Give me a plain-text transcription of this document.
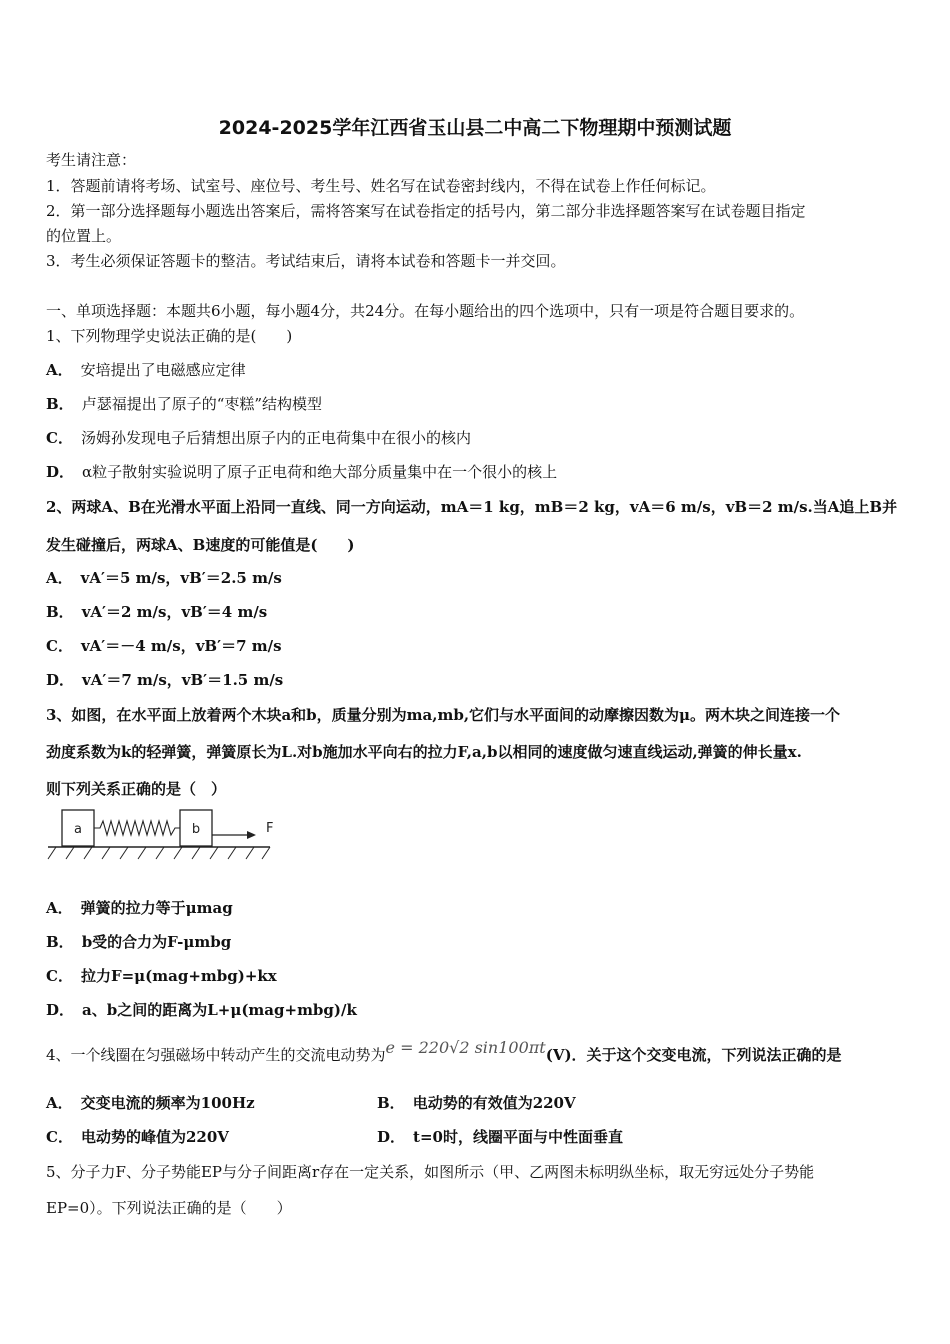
2024-2025学年江西省玉山县二中高二下物理期中预测试题
考生请注意：
1．答题前请将考场、试室号、座位号、考生号、姓名写在试卷密封线内，不得在试卷上作任何标记。
2．第一部分选择题每小题选出答案后，需将答案写在试卷指定的括号内，第二部分非选择题答案写在试卷题目指定
的位置上。
3．考生必须保证答题卡的整洁。考试结束后，请将本试卷和答题卡一并交回。
一、单项选择题：本题共6小题，每小题4分，共24分。在每小题给出的四个选项中，只有一项是符合题目要求的。
1、下列物理学史说法正确的是(　　)
A． 安培提出了电磁感应定律
B． 卢瑟福提出了原子的“枣糕”结构模型
C． 汤姆孙发现电子后猜想出原子内的正电荷集中在很小的核内
D． α粒子散射实验说明了原子正电荷和绝大部分质量集中在一个很小的核上
2、两球A、B在光滑水平面上沿同一直线、同一方向运动，mA＝1 kg，mB＝2 kg，vA＝6 m/s，vB＝2 m/s.当A追上B并
发生碰撞后，两球A、B速度的可能值是(　　)
A． vA′＝5 m/s，vB′＝2.5 m/s
B． vA′＝2 m/s，vB′＝4 m/s
C． vA′＝－4 m/s，vB′＝7 m/s
D． vA′＝7 m/s，vB′＝1.5 m/s
3、如图，在水平面上放着两个木块a和b，质量分别为ma,mb,它们与水平面间的动摩擦因数为μ。两木块之间连接一个
劲度系数为k的轻弹簧，弹簧原长为L.对b施加水平向右的拉力F,a,b以相同的速度做匀速直线运动,弹簧的伸长量x.
则下列关系正确的是（　）
a	b	F
A． 弹簧的拉力等于μmag
B． b受的合力为F-μmbg
C． 拉力F=μ(mag+mbg)+kx
D． a、b之间的距离为L+μ(mag+mbg)/k
4、一个线圈在匀强磁场中转动产生的交流电动势为e = 220√2 sin100πt(V)．关于这个交变电流，下列说法正确的是
A． 交变电流的频率为100Hz	B． 电动势的有效值为220V
C． 电动势的峰值为220V	D． t=0时，线圈平面与中性面垂直
5、分子力F、分子势能EP与分子间距离r存在一定关系，如图所示（甲、乙两图未标明纵坐标，取无穷远处分子势能
EP=0）。下列说法正确的是（　　）
